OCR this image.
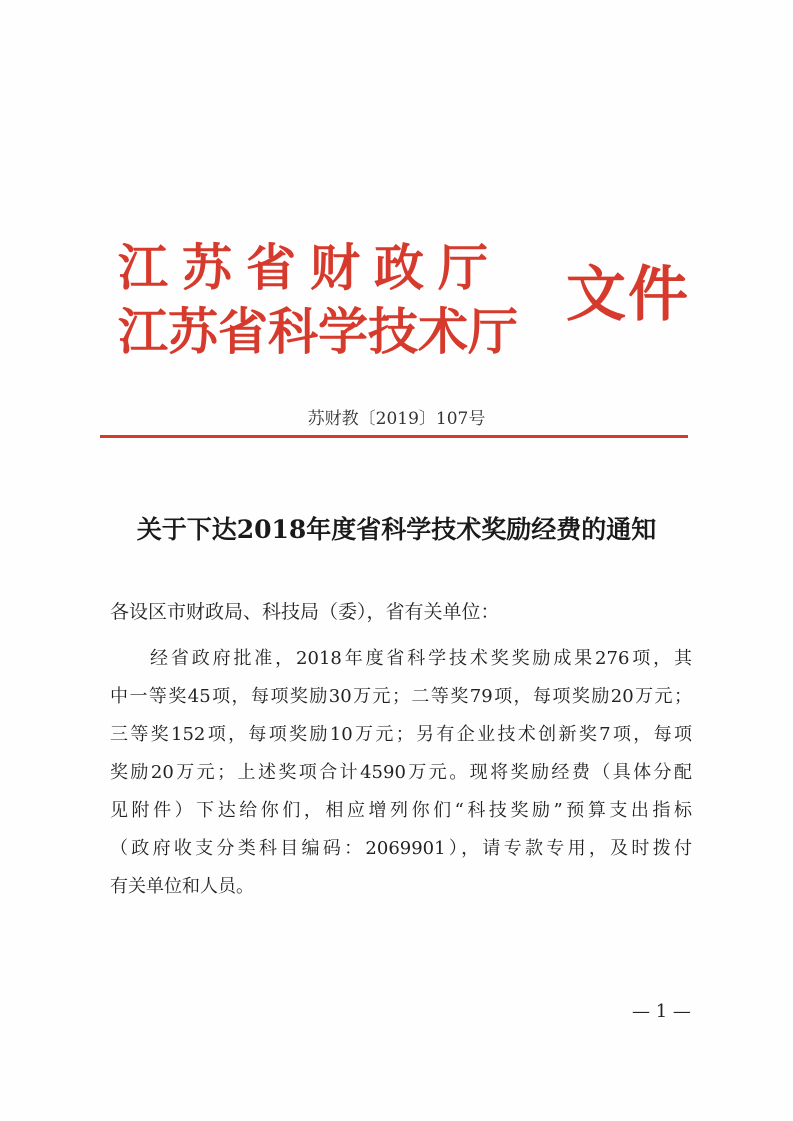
江苏省财政厅
江苏省科学技术厅
文件
苏财教〔2019〕107号
关于下达2018年度省科学技术奖励经费的通知
各设区市财政局、科技局（委），省有关单位：
经省政府批准，2018年度省科学技术奖奖励成果276项，其
中一等奖45项，每项奖励30万元；二等奖79项，每项奖励20万元；
三等奖152项，每项奖励10万元；另有企业技术创新奖7项，每项
奖励20万元；上述奖项合计4590万元。现将奖励经费（具体分配
见附件）下达给你们，相应增列你们“科技奖励”预算支出指标
（政府收支分类科目编码：2069901），请专款专用，及时拨付
有关单位和人员。
— 1 —
